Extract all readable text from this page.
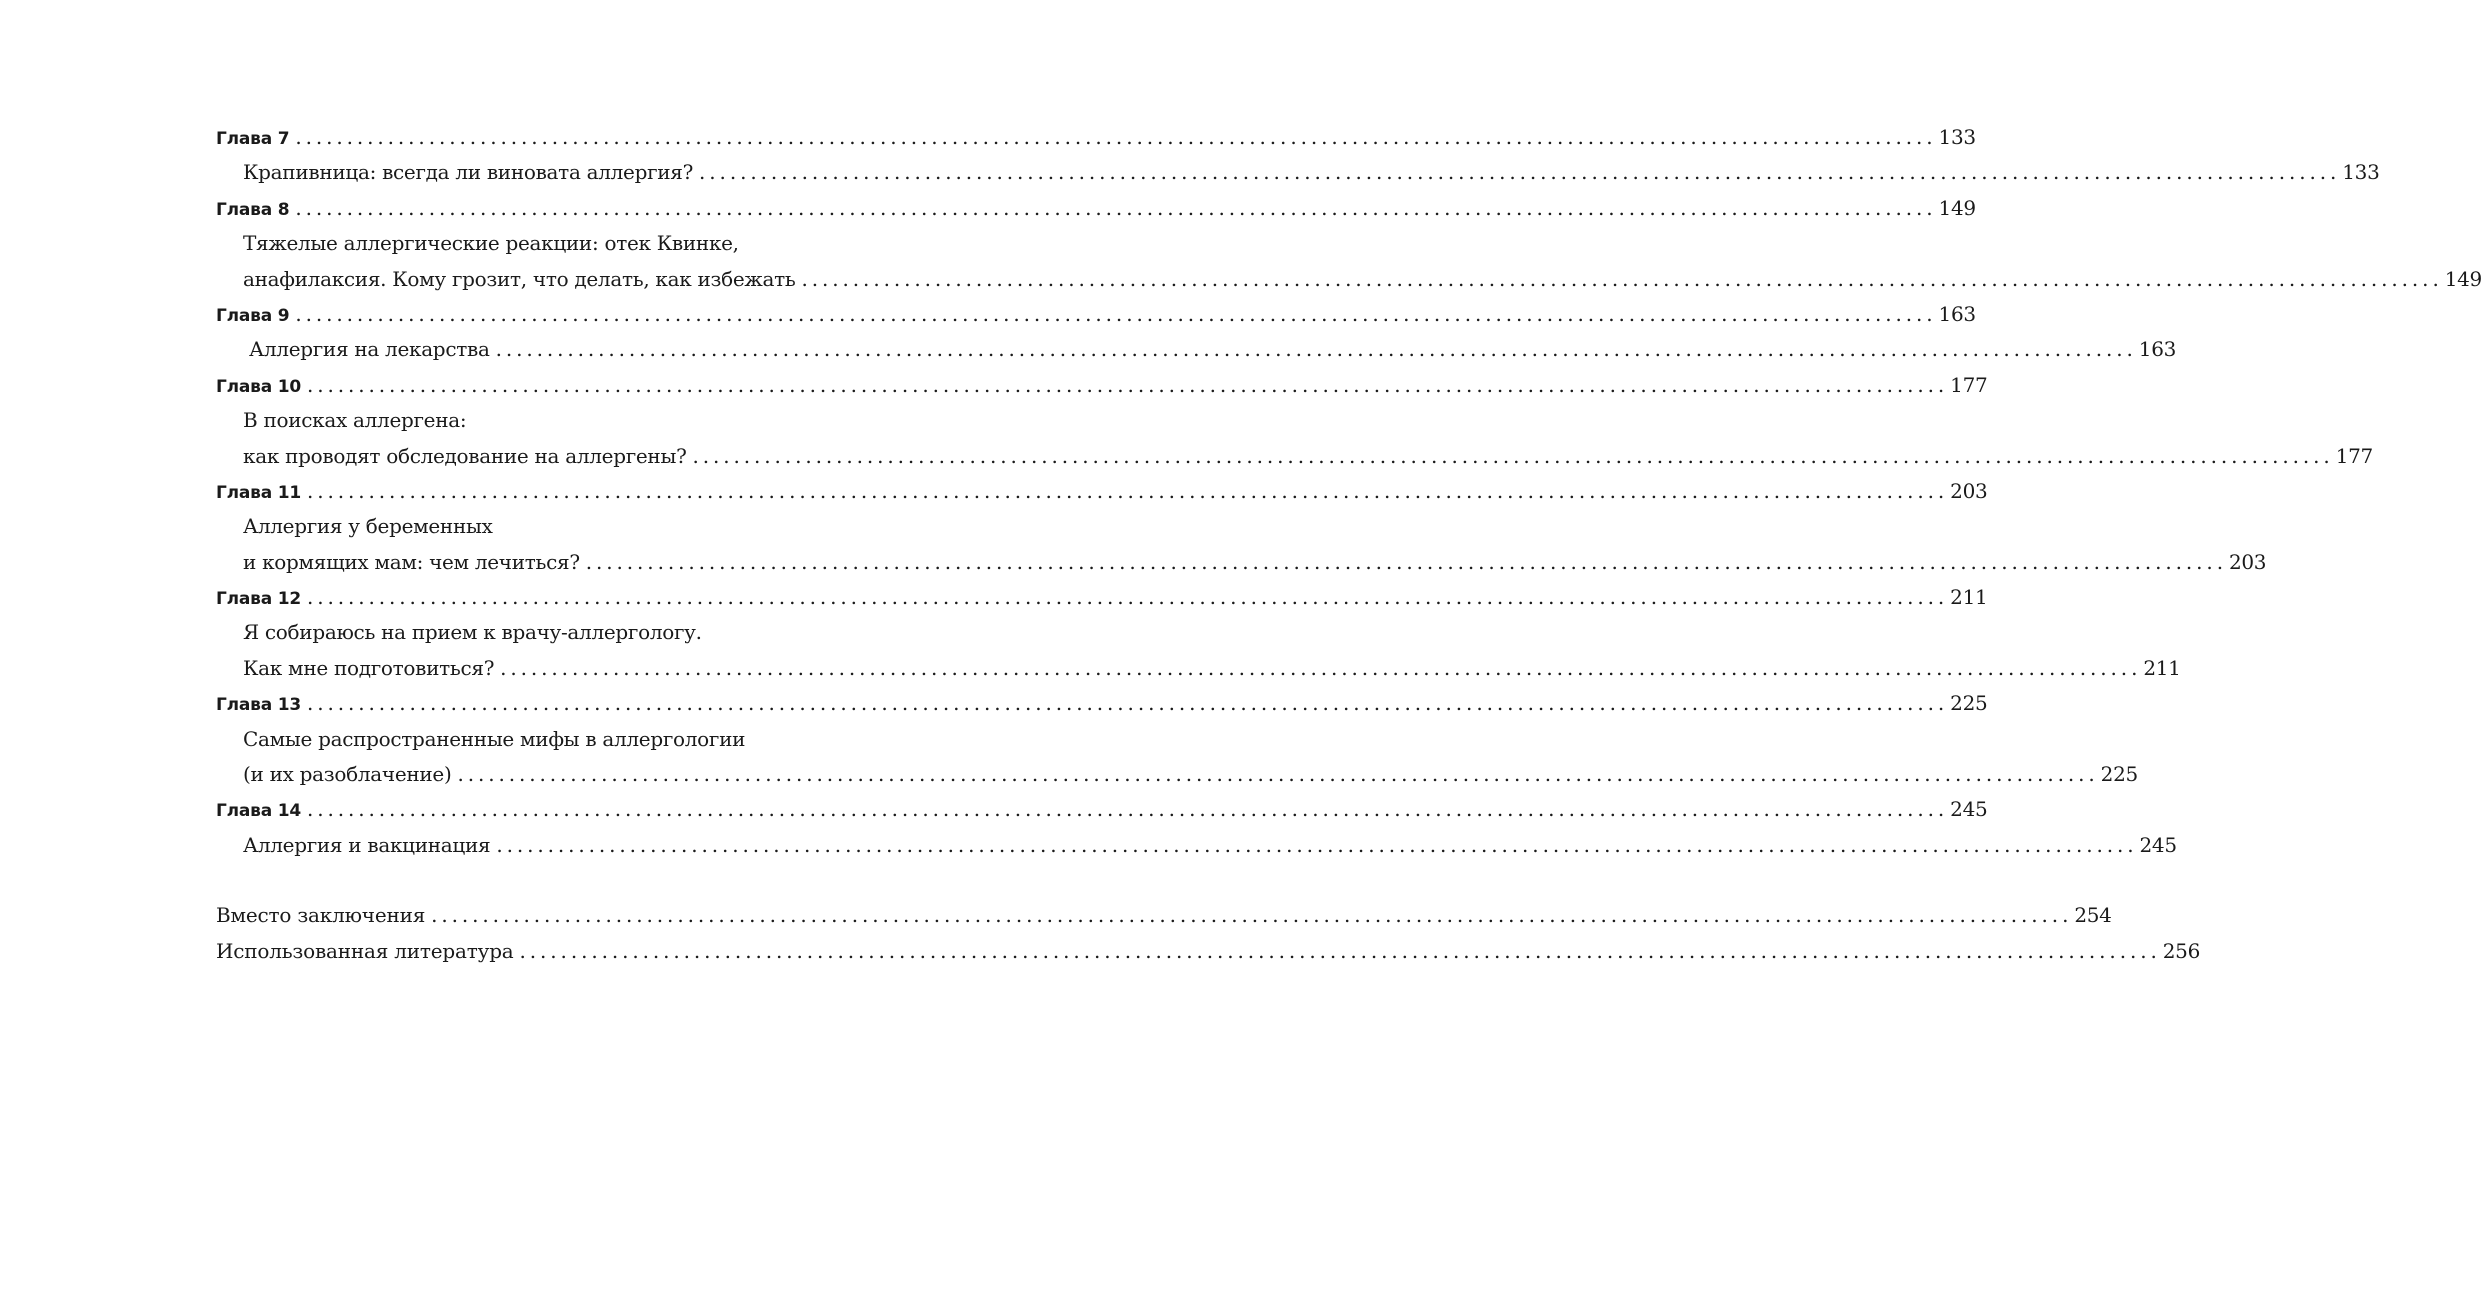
Глава 7 ................................................................................................................................................................ 133
Крапивница: всегда ли виновата аллергия? ................................................................................................................................................................ 133
Глава 8 ................................................................................................................................................................ 149
Тяжелые аллергические реакции: отек Квинке,
анафилаксия. Кому грозит, что делать, как избежать ................................................................................................................................................................ 149
Глава 9 ................................................................................................................................................................ 163
Аллергия на лекарства ................................................................................................................................................................ 163
Глава 10 ................................................................................................................................................................ 177
В поисках аллергена:
как проводят обследование на аллергены? ................................................................................................................................................................ 177
Глава 11 ................................................................................................................................................................ 203
Аллергия у беременных
и кормящих мам: чем лечиться? ................................................................................................................................................................ 203
Глава 12 ................................................................................................................................................................ 211
Я собираюсь на прием к врачу-аллергологу.
Как мне подготовиться? ................................................................................................................................................................ 211
Глава 13 ................................................................................................................................................................ 225
Самые распространенные мифы в аллергологии
(и их разоблачение) ................................................................................................................................................................ 225
Глава 14 ................................................................................................................................................................ 245
Аллергия и вакцинация ................................................................................................................................................................ 245
Вместо заключения ................................................................................................................................................................ 254
Использованная литература ................................................................................................................................................................ 256
